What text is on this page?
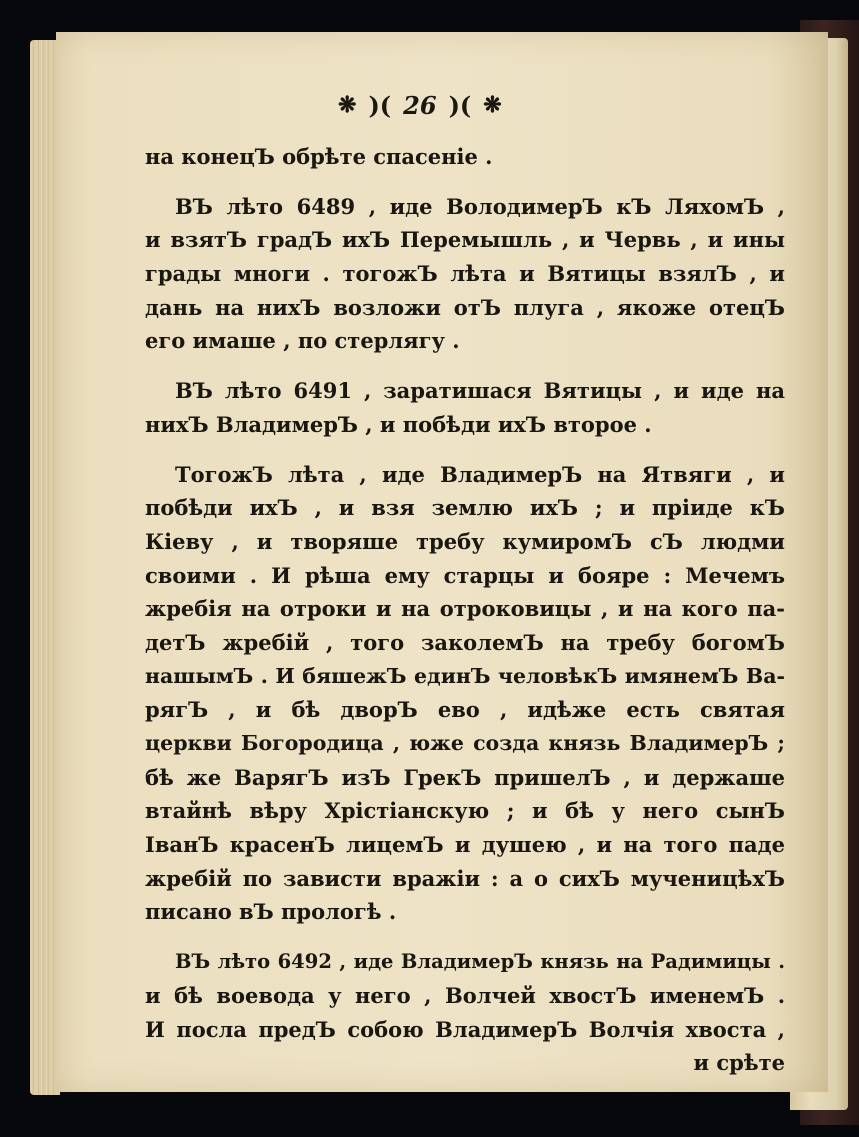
❋ )( 26 )( ❋
на конецЪ обрѣте спасеніе .
ВЪ лѣто 6489 , иде ВолодимерЪ кЪ ЛяхомЪ ,
и взятЪ градЪ ихЪ Перемышль , и Червь , и ины
грады многи . тогожЪ лѣта и Вятицы взялЪ , и
дань на нихЪ возложи отЪ плуга , якоже отецЪ
его имаше , по стерлягу .
ВЪ лѣто 6491 , заратишася Вятицы , и иде на
нихЪ ВладимерЪ , и побѣди ихЪ второе .
ТогожЪ лѣта , иде ВладимерЪ на Ятвяги , и
побѣди ихЪ , и взя землю ихЪ ; и пріиде кЪ
Кіеву , и творяше требу кумиромЪ сЪ людми
своими . И рѣша ему старцы и бояре : Мечемъ
жребія на отроки и на отроковицы , и на кого па-
детЪ жребій , того заколемЪ на требу богомЪ
нашымЪ . И бяшежЪ единЪ человѣкЪ имянемЪ Ва-
рягЪ , и бѣ дворЪ ево , идѣже есть святая
церкви Богородица , юже созда князь ВладимерЪ ;
бѣ же ВарягЪ изЪ ГрекЪ пришелЪ , и держаше
втайнѣ вѣру Хрістіанскую ; и бѣ у него сынЪ
ІванЪ красенЪ лицемЪ и душею , и на того паде
жребій по зависти вражіи : а о сихЪ мученицѣхЪ
писано вЪ прологѣ .
ВЪ лѣто 6492 , иде ВладимерЪ князь на Радимицы .
и бѣ воевода у него , Волчей хвостЪ именемЪ .
И посла предЪ собою ВладимерЪ Волчія хвоста ,
и срѣте
